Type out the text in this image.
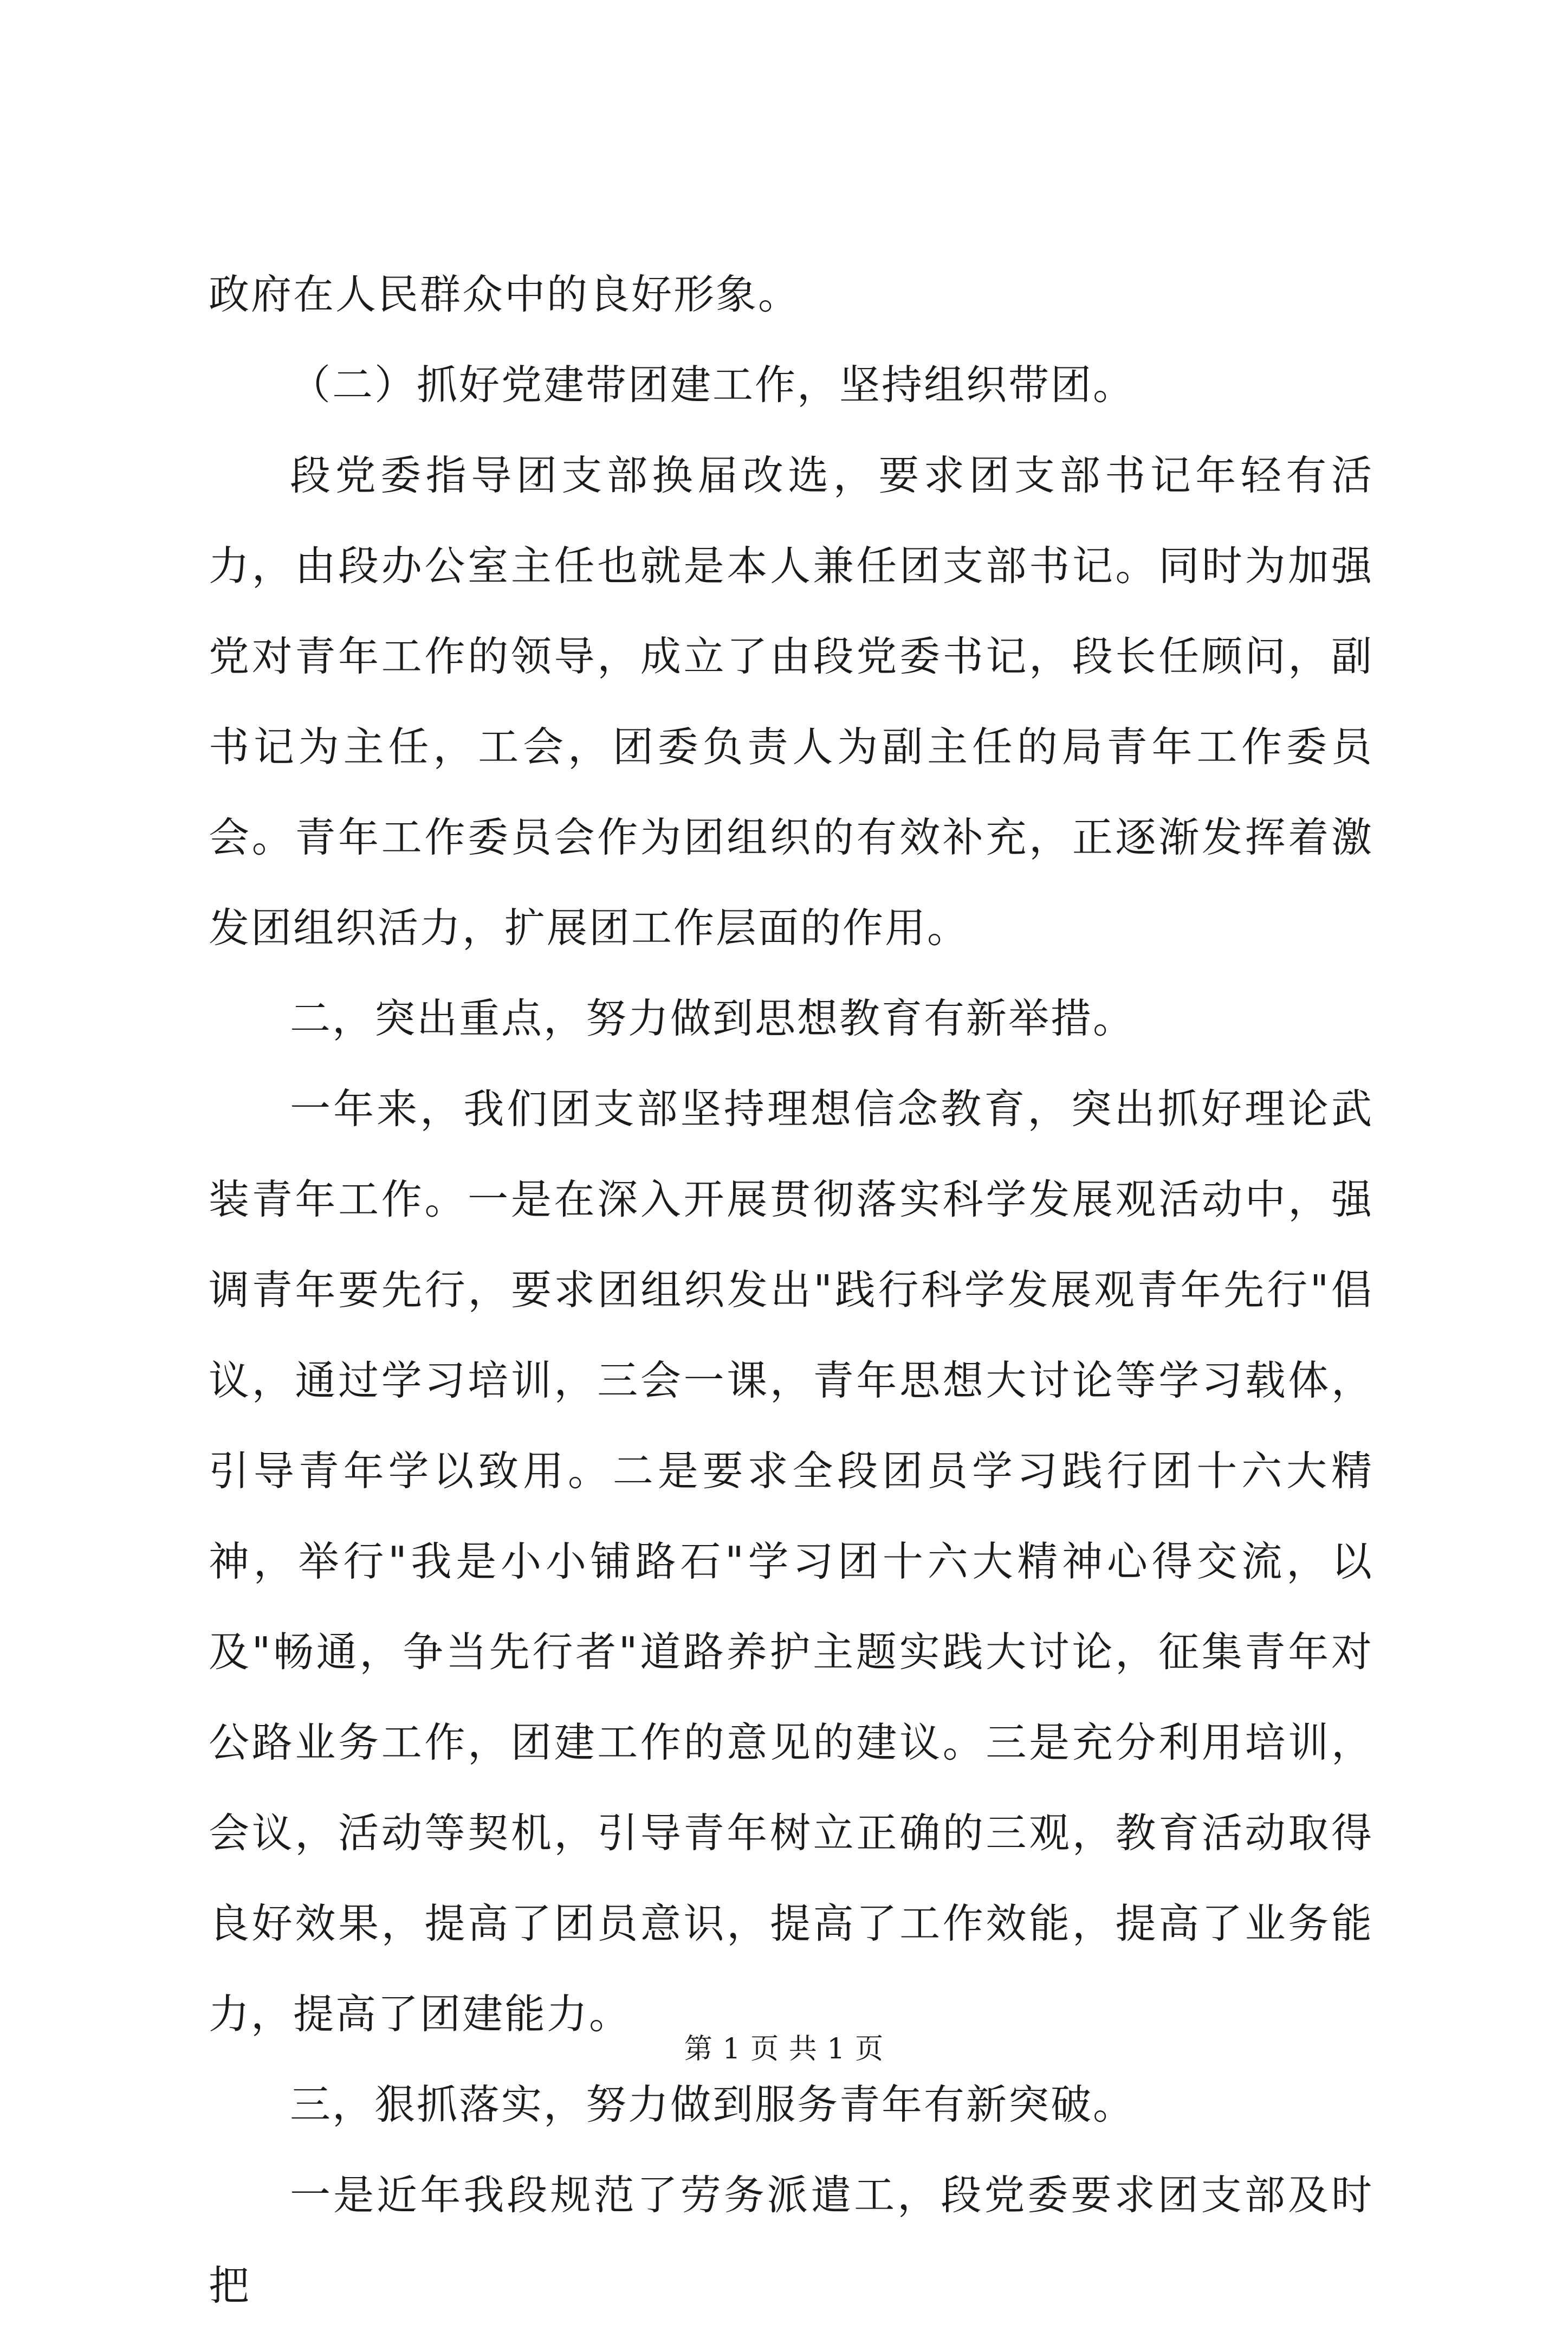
政府在人民群众中的良好形象。

（二）抓好党建带团建工作，坚持组织带团。

段党委指导团支部换届改选，要求团支部书记年轻有活力，由段办公室主任也就是本人兼任团支部书记。同时为加强党对青年工作的领导，成立了由段党委书记，段长任顾问，副书记为主任，工会，团委负责人为副主任的局青年工作委员会。青年工作委员会作为团组织的有效补充，正逐渐发挥着激发团组织活力，扩展团工作层面的作用。

二，突出重点，努力做到思想教育有新举措。

一年来，我们团支部坚持理想信念教育，突出抓好理论武装青年工作。一是在深入开展贯彻落实科学发展观活动中，强调青年要先行，要求团组织发出"践行科学发展观青年先行"倡议，通过学习培训，三会一课，青年思想大讨论等学习载体，引导青年学以致用。二是要求全段团员学习践行团十六大精神，举行"我是小小铺路石"学习团十六大精神心得交流，以及"畅通，争当先行者"道路养护主题实践大讨论，征集青年对公路业务工作，团建工作的意见的建议。三是充分利用培训，会议，活动等契机，引导青年树立正确的三观，教育活动取得良好效果，提高了团员意识，提高了工作效能，提高了业务能力，提高了团建能力。

三，狠抓落实，努力做到服务青年有新突破。

一是近年我段规范了劳务派遣工，段党委要求团支部及时把

第 1 页 共 1 页
